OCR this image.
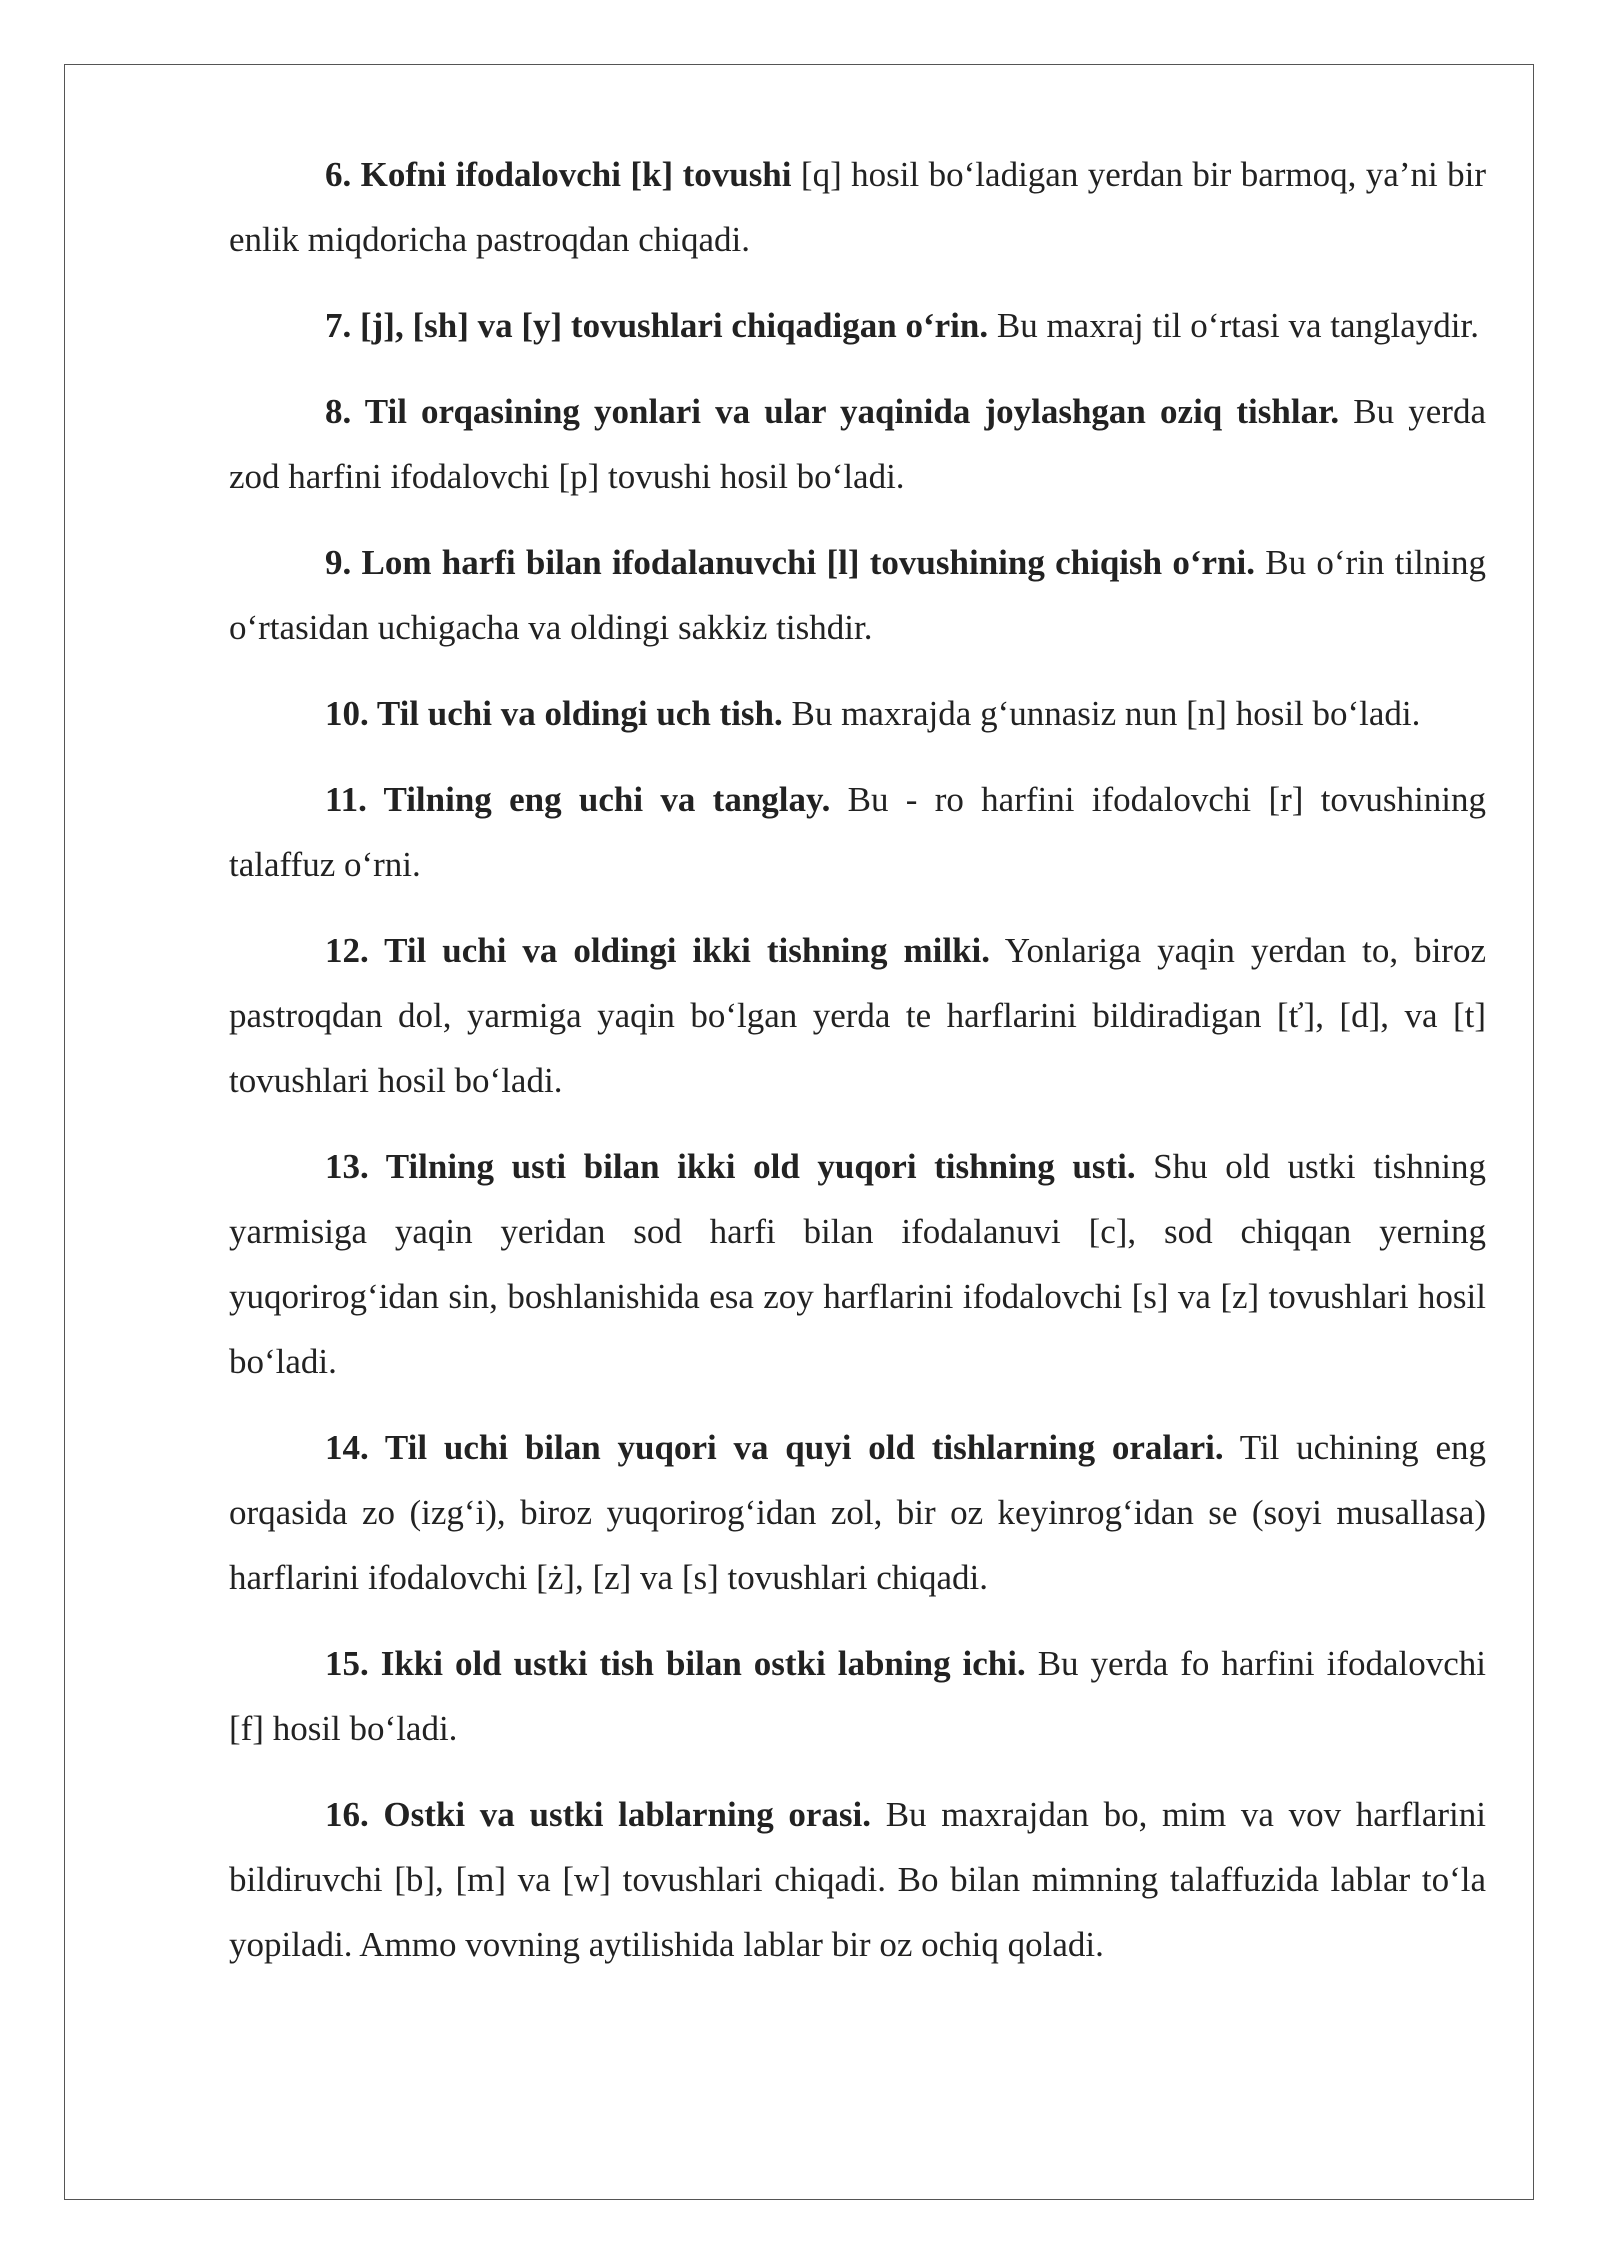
6. Kofni ifodalovchi [k] tovushi [q] hosil bo‘ladigan yerdan bir barmoq, ya’ni bir enlik miqdoricha pastroqdan chiqadi.

7. [j], [sh] va [y] tovushlari chiqadigan o‘rin. Bu maxraj til o‘rtasi va tanglaydir.

8. Til orqasining yonlari va ular yaqinida joylashgan oziq tishlar. Bu yerda zod harfini ifodalovchi [p] tovushi hosil bo‘ladi.

9. Lom harfi bilan ifodalanuvchi [l] tovushining chiqish o‘rni. Bu o‘rin tilning o‘rtasidan uchigacha va oldingi sakkiz tishdir.

10. Til uchi va oldingi uch tish. Bu maxrajda g‘unnasiz nun [n] hosil bo‘ladi.

11. Tilning eng uchi va tanglay. Bu - ro harfini ifodalovchi [r] tovushining talaffuz o‘rni.

12. Til uchi va oldingi ikki tishning milki. Yonlariga yaqin yerdan to, biroz pastroqdan dol, yarmiga yaqin bo‘lgan yerda te harflarini bildiradigan [ť], [d], va [t] tovushlari hosil bo‘ladi.

13. Tilning usti bilan ikki old yuqori tishning usti. Shu old ustki tishning yarmisiga yaqin yeridan sod harfi bilan ifodalanuvi [c], sod chiqqan yerning yuqorirog‘idan sin, boshlanishida esa zoy harflarini ifodalovchi [s] va [z] tovushlari hosil bo‘ladi.

14. Til uchi bilan yuqori va quyi old tishlarning oralari. Til uchining eng orqasida zo (izg‘i), biroz yuqorirog‘idan zol, bir oz keyinrog‘idan se (soyi musallasa) harflarini ifodalovchi [ż], [z] va [s] tovushlari chiqadi.

15. Ikki old ustki tish bilan ostki labning ichi. Bu yerda fo harfini ifodalovchi [f] hosil bo‘ladi.

16. Ostki va ustki lablarning orasi. Bu maxrajdan bo, mim va vov harflarini bildiruvchi [b], [m] va [w] tovushlari chiqadi. Bo bilan mimning talaffuzida lablar to‘la yopiladi. Ammo vovning aytilishida lablar bir oz ochiq qoladi.
